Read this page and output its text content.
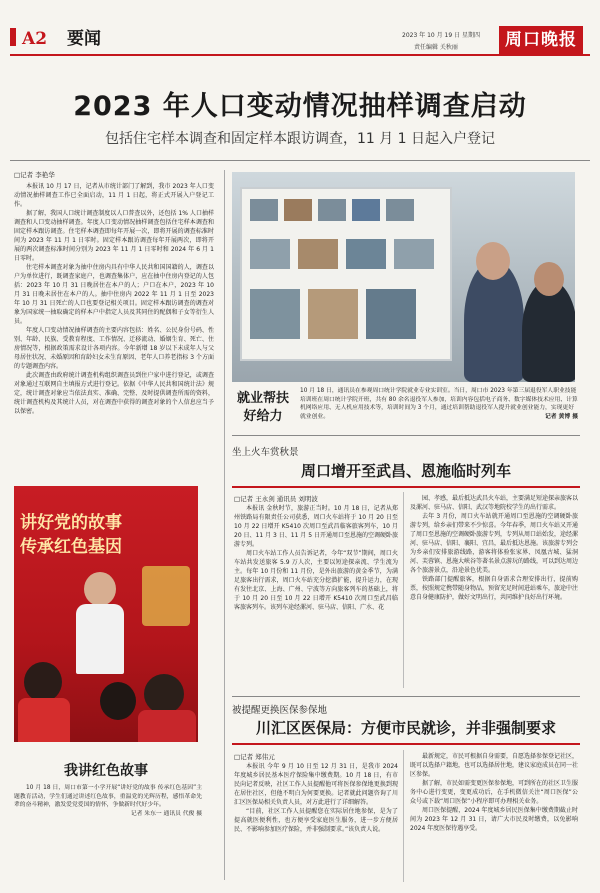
A2 要闻	2023 年 10 月 19 日 星期四
责任编辑 关秋丽	周口晚报
2023 年人口变动情况抽样调查启动
包括住宅样本调查和固定样本跟访调查，11 月 1 日起入户登记
□记者 李艳华

本报讯 10 月 17 日，记者从市统计部门了解到，我市 2023 年人口变动情况抽样调查工作已全面启动，11 月 1 日起，将正式开展入户登记工作。

据了解，我国人口统计调查制度以人口普查以外，还包括 1% 人口抽样调查和人口变动抽样调查。年度人口变动情况抽样调查包括住宅样本调查和固定样本跟访调查。住宅样本调查即每年开展一次，即将开展的调查标准时间为 2023 年 11 月 1 日零时。固定样本跟访调查每年开展两次，即将开展的两次调查标准时间分别为 2023 年 11 月 1 日零时和 2024 年 6 月 1 日零时。

住宅样本调查对象为抽中住房内具有中华人民共和国国籍的人，调查以户为单位进行，既调查家庭户，也调查集体户，应在抽中住房内登记的人包括：2023 年 10 月 31 日晚居住在本户的人；户口在本户，2023 年 10 月 31 日晚未居住在本户的人。抽中住房内 2022 年 11 月 1 日至 2023 年 10 月 31 日死亡的人口也要登记相关项目。固定样本跟访调查的调查对象为国家统一抽取确定的样本户中指定人员及其同住的配偶和子女等衍生人员。

年度人口变动情况抽样调查的主要内容包括：姓名、公民身份号码、性别、年龄、民族、受教育程度、工作情况、迁移流动、婚姻生育、死亡、住房情况等，根据政策需求设计各项内容。今年新增 18 岁以下未成年人与父母居住状况、未婚原因和育龄妇女未生育原因、老年人口养老指标 3 个方面的专题调查内容。

此次调查由政府统计调查机构组织调查员到住户家中进行登记，或调查对象通过互联网自主填报方式进行登记。依据《中华人民共和国统计法》规定，统计调查对象应当依法真实、准确、完整、及时提供调查所需的资料，统计调查机构及其统计人员，对在调查中获得的调查对象的个人信息应当予以保密。

就业帮扶好给力
10 月 18 日，通讯员在参观周口统计学院就业专业实训室。当日，周口市 2023 年第三届退役军人职业技能培训班在周口统计学院开班，共有 80 余名退役军人参加，培训内容包括电子商务、数字媒体技术应用、计算机网络应用、无人机应用技术等，培训时间为 3 个月，通过培训帮助退役军人提升就业创业能力，实现更好就业创业。	记者 黄博 摄
坐上火车赏秋景
周口增开至武昌、恩施临时列车
□记者 王永剑 通讯员 刘明波

本报讯 金秋时节，旅游正当时。10 月 18 日，记者从郑州铁路局有限责任公司获悉，周口火车站将于 10 月 20 日至 10 月 22 日增开 K5410 次周口至武昌临客旅客列车，10 月 20 日、11 月 3 日、11 月 5 日开通周口至恩施的空调硬卧旅游专列。

周口火车站工作人员告诉记者，今年“双节”期间，周口火车站共发送旅客 5.9 万人次，主要以短途探亲流、学生流为主。每年 10 月份和 11 月份，是外出旅游的黄金季节，为满足旅客出行需求，周口火车站充分挖潜扩能，提升运力，在现有发往北京、上海、广州、宁波等方向旅客列车的基础上，将于 10 月 20 日至 10 月 22 日增开 K5410 次周口至武昌临客旅客列车。该列车途经漯河、驻马店、信阳、广水、花

园、孝感，最后抵达武昌火车站，主要满足短途探亲旅客以及漯河、驻马店、信阳、武汉等地院校学生的出行需求。

去年 3 月份，周口火车站就开通周口至恩施的空调硬卧旅游专列，给乡亲们带来不少惊喜。今年春季，周口火车站又开通了周口至恩施的空调硬卧旅游专列，专列从周口站始发，途经漯河、驻马店、信阳、襄阳、宜昌，最后抵达恩施。该旅游专列会为乡亲们安排旅游线路，游客将体验张家界、凤凰古城、猛洞河、芙蓉镇、恩施大峡谷等著名景点游玩的路线，可以到达周边各个旅游景点，沿途景色优美。

铁路部门提醒旅客，根据自身需求合理安排出行，提前购票，按照规定携带随身物品，预留充足时间进站乘车，旅途中注意自身健康防护，做好文明出行，共同维护良好出行环境。

被提醒更换医保参保地
川汇区医保局：方便市民就诊，并非强制要求
□记者 郑伟元

本报讯 今年 9 月 10 日至 12 月 31 日，是我市 2024 年度城乡居民基本医疗保险集中缴费期。10 月 18 日，有市民向记者反映，社区工作人员提醒他可将医保参保地更换到现在居住社区，但他不明白为何要更换。记者就此问题咨询了川汇区医保局相关负责人员，对方此进行了详细解答。

“目前，社区工作人员提醒您在实际居住地参保，是为了提高就医便利性，也方便享受家庭医生服务，进一步方便居民、不影响参加医疗保险，并非强制要求。”该负责人说。

最新规定，市民可根据自身需要，自愿选择参保登记社区，既可以选择户籍地，也可以选择居住地，建议家庭成员在同一社区参保。

据了解，市民如需变更医保参保地，可到所在的社区卫生服务中心进行变更，变更成功后，在手机微信关注“周口医保”公众号或下载“周口医保”小程序即可办理相关业务。

周口医保提醒，2024 年度城乡居民医保集中缴费期截止时间为 2023 年 12 月 31 日，请广大市民及时缴费，以免影响 2024 年度医保待遇享受。

讲好党的故事
传承红色基因
我讲红色故事

10 月 18 日，周口市第一小学开展“讲好党的故事 传承红色基因”主题教育活动，学生们通过讲述红色故事，重温党的光辉历程，感悟革命先辈的奋斗精神，激发爱党爱国的情怀，争做新时代好少年。

记者 朱东一 通讯员 代俊 摄
